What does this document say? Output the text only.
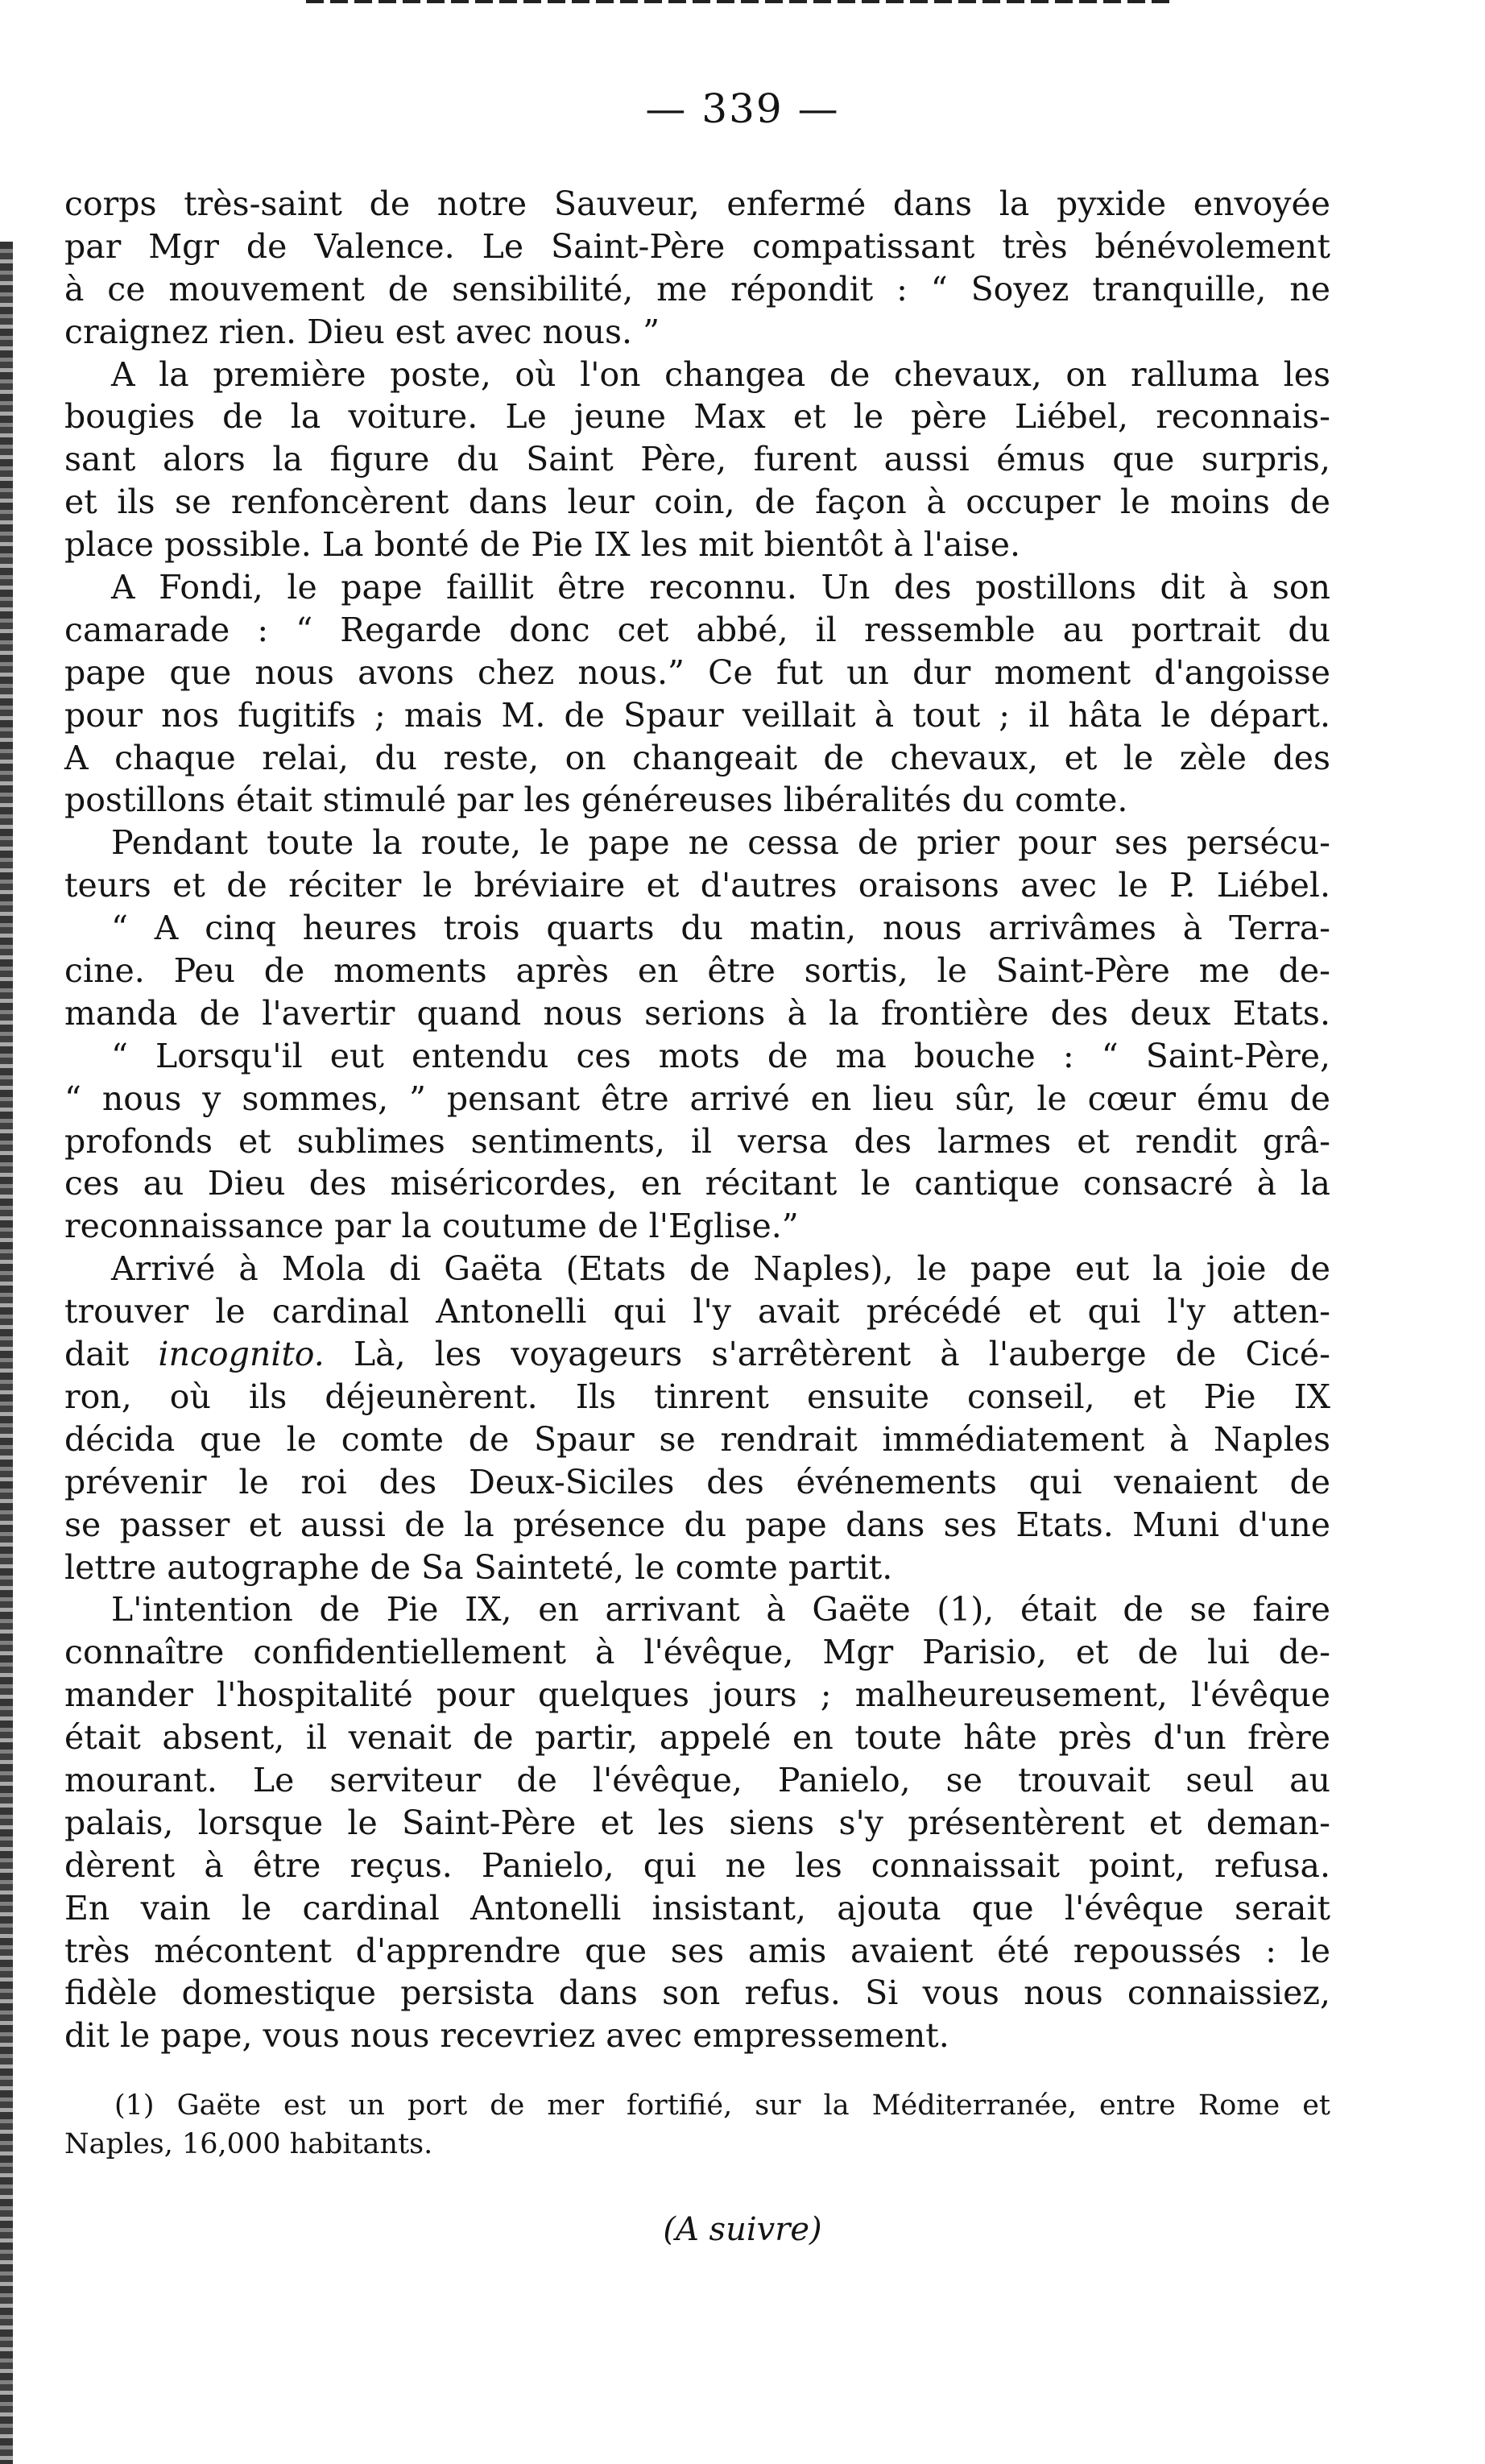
— 339 —
corps très-saint de notre Sauveur, enfermé dans la pyxide envoyée
par Mgr de Valence. Le Saint-Père compatissant très bénévolement
à ce mouvement de sensibilité, me répondit : “ Soyez tranquille, ne
craignez rien. Dieu est avec nous. ”
A la première poste, où l'on changea de chevaux, on ralluma les
bougies de la voiture. Le jeune Max et le père Liébel, reconnais-
sant alors la figure du Saint Père, furent aussi émus que surpris,
et ils se renfoncèrent dans leur coin, de façon à occuper le moins de
place possible. La bonté de Pie IX les mit bientôt à l'aise.
A Fondi, le pape faillit être reconnu. Un des postillons dit à son
camarade : “ Regarde donc cet abbé, il ressemble au portrait du
pape que nous avons chez nous.” Ce fut un dur moment d'angoisse
pour nos fugitifs ; mais M. de Spaur veillait à tout ; il hâta le départ.
A chaque relai, du reste, on changeait de chevaux, et le zèle des
postillons était stimulé par les généreuses libéralités du comte.
Pendant toute la route, le pape ne cessa de prier pour ses persécu-
teurs et de réciter le bréviaire et d'autres oraisons avec le P. Liébel.
“ A cinq heures trois quarts du matin, nous arrivâmes à Terra-
cine. Peu de moments après en être sortis, le Saint-Père me de-
manda de l'avertir quand nous serions à la frontière des deux Etats.
“ Lorsqu'il eut entendu ces mots de ma bouche : “ Saint-Père,
“ nous y sommes, ” pensant être arrivé en lieu sûr, le cœur ému de
profonds et sublimes sentiments, il versa des larmes et rendit grâ-
ces au Dieu des miséricordes, en récitant le cantique consacré à la
reconnaissance par la coutume de l'Eglise.”
Arrivé à Mola di Gaëta (Etats de Naples), le pape eut la joie de
trouver le cardinal Antonelli qui l'y avait précédé et qui l'y atten-
dait incognito. Là, les voyageurs s'arrêtèrent à l'auberge de Cicé-
ron, où ils déjeunèrent. Ils tinrent ensuite conseil, et Pie IX
décida que le comte de Spaur se rendrait immédiatement à Naples
prévenir le roi des Deux-Siciles des événements qui venaient de
se passer et aussi de la présence du pape dans ses Etats. Muni d'une
lettre autographe de Sa Sainteté, le comte partit.
L'intention de Pie IX, en arrivant à Gaëte (1), était de se faire
connaître confidentiellement à l'évêque, Mgr Parisio, et de lui de-
mander l'hospitalité pour quelques jours ; malheureusement, l'évêque
était absent, il venait de partir, appelé en toute hâte près d'un frère
mourant. Le serviteur de l'évêque, Panielo, se trouvait seul au
palais, lorsque le Saint-Père et les siens s'y présentèrent et deman-
dèrent à être reçus. Panielo, qui ne les connaissait point, refusa.
En vain le cardinal Antonelli insistant, ajouta que l'évêque serait
très mécontent d'apprendre que ses amis avaient été repoussés : le
fidèle domestique persista dans son refus. Si vous nous connaissiez,
dit le pape, vous nous recevriez avec empressement.
(1) Gaëte est un port de mer fortifié, sur la Méditerranée, entre Rome et
Naples, 16,000 habitants.
(A suivre)
